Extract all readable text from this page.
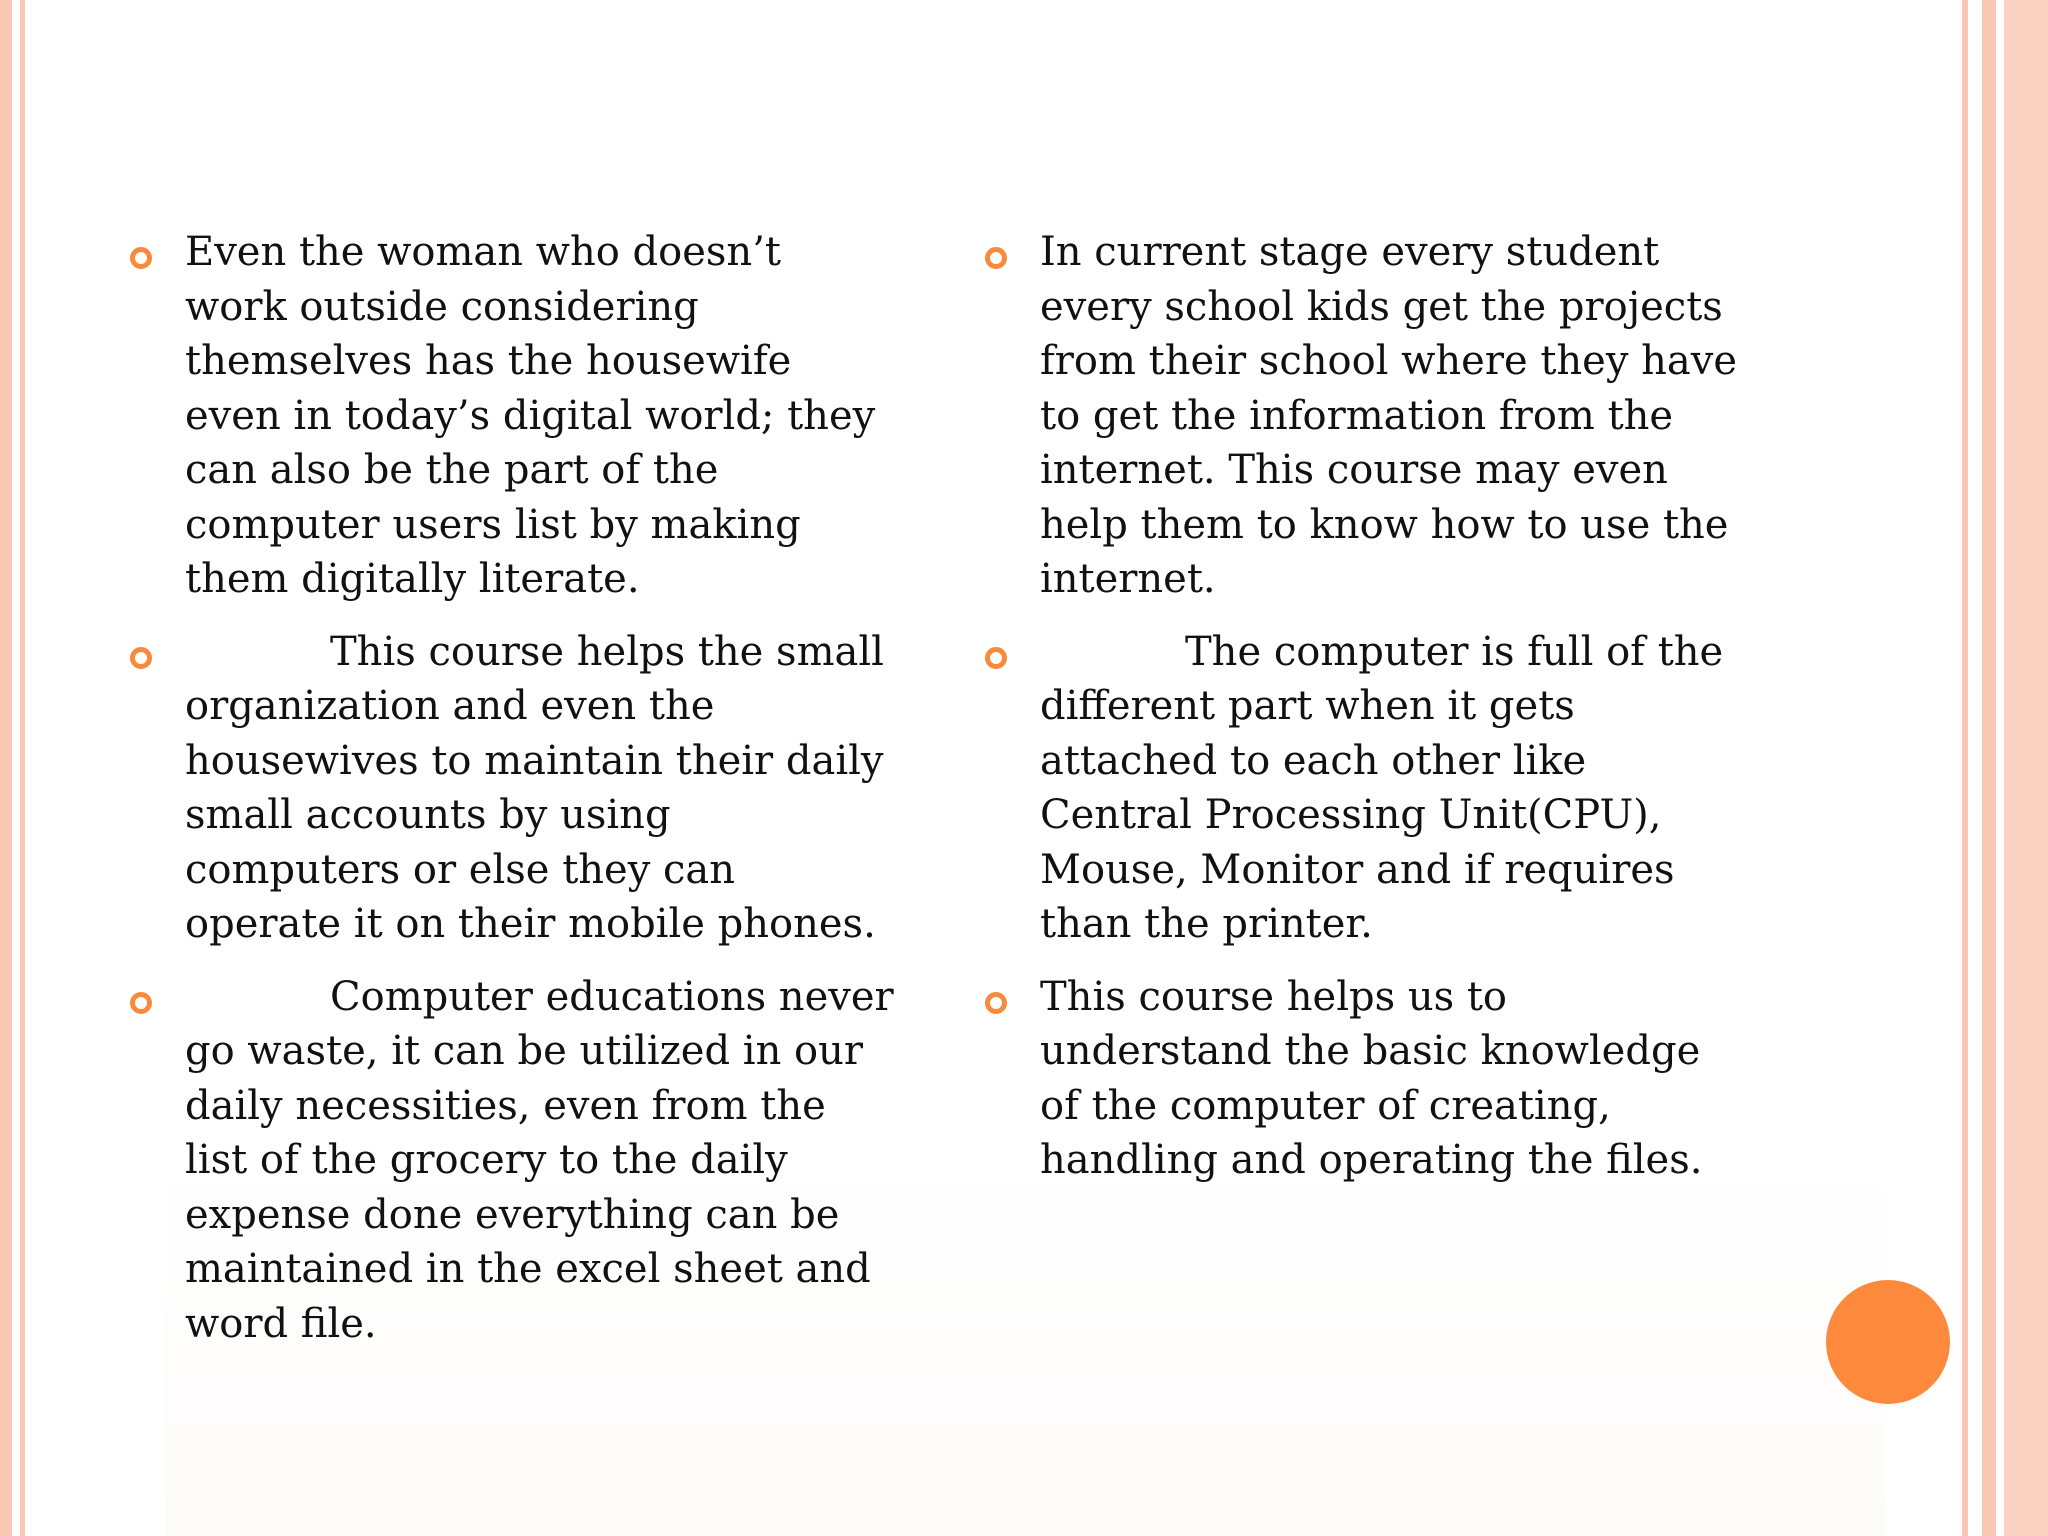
Even the woman who doesn’t work outside considering themselves has the housewife even in today’s digital world; they can also be the part of the computer users list by making them digitally literate.
This course helps the small organization and even the housewives to maintain their daily small accounts by using computers or else they can operate it on their mobile phones.
Computer educations never go waste, it can be utilized in our daily necessities, even from the list of the grocery to the daily expense done everything can be maintained in the excel sheet and word file.
In current stage every student every school kids get the projects from their school where they have to get the information from the internet. This course may even help them to know how to use the internet.
The computer is full of the different part when it gets attached to each other like Central Processing Unit(CPU), Mouse, Monitor and if requires than the printer.
This course helps us to understand the basic knowledge of the computer of creating, handling and operating the files.
